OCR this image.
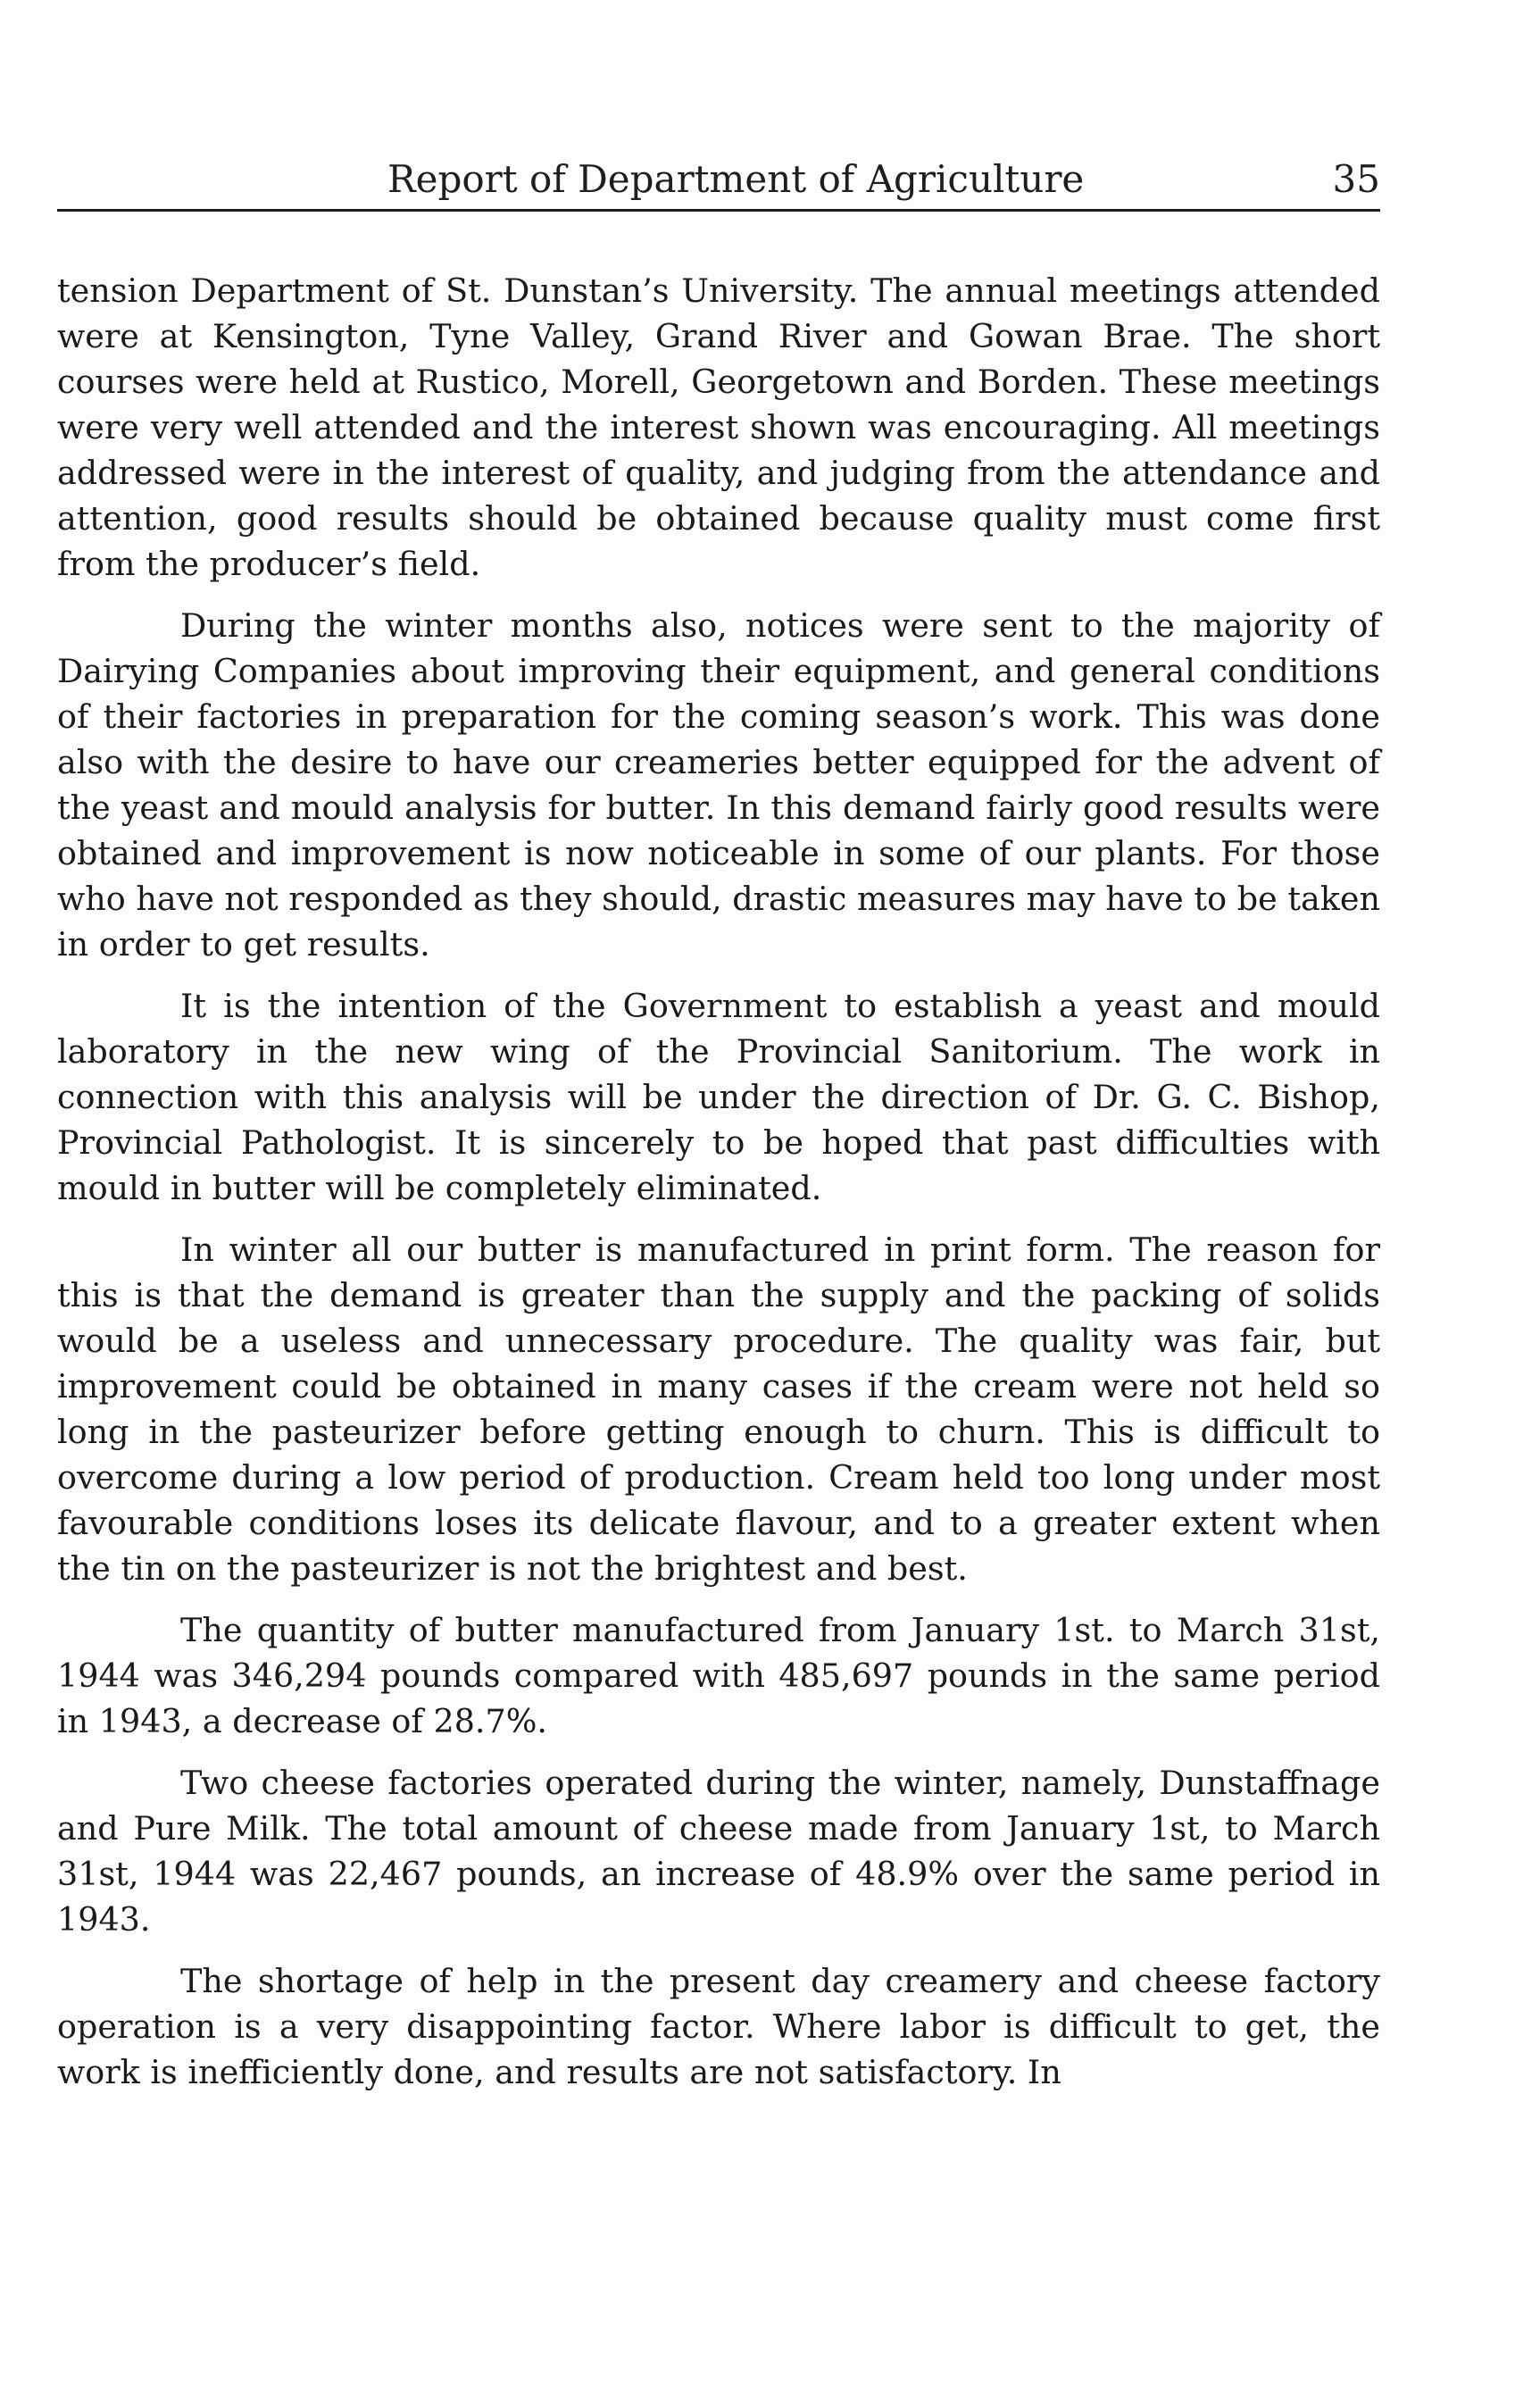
Report of Department of Agriculture	35

tension Department of St. Dunstan’s University. The annual meetings attended were at Kensington, Tyne Valley, Grand River and Gowan Brae. The short courses were held at Rustico, Morell, Georgetown and Borden. These meetings were very well attended and the interest shown was encouraging. All meetings addressed were in the interest of quality, and judging from the attendance and attention, good results should be obtained because quality must come first from the producer’s field.

During the winter months also, notices were sent to the majority of Dairying Companies about improving their equipment, and general conditions of their factories in preparation for the coming season’s work. This was done also with the desire to have our creameries better equipped for the advent of the yeast and mould analysis for butter. In this demand fairly good results were obtained and improvement is now noticeable in some of our plants. For those who have not responded as they should, drastic measures may have to be taken in order to get results.

It is the intention of the Government to establish a yeast and mould laboratory in the new wing of the Provincial Sanitorium. The work in connection with this analysis will be under the direction of Dr. G. C. Bishop, Provincial Pathologist. It is sincerely to be hoped that past difficulties with mould in butter will be completely eliminated.

In winter all our butter is manufactured in print form. The reason for this is that the demand is greater than the supply and the packing of solids would be a useless and unnecessary procedure. The quality was fair, but improvement could be obtained in many cases if the cream were not held so long in the pasteurizer before getting enough to churn. This is difficult to overcome during a low period of production. Cream held too long under most favourable conditions loses its delicate flavour, and to a greater extent when the tin on the pasteurizer is not the brightest and best.

The quantity of butter manufactured from January 1st. to March 31st, 1944 was 346,294 pounds compared with 485,697 pounds in the same period in 1943, a decrease of 28.7%.

Two cheese factories operated during the winter, namely, Dunstaffnage and Pure Milk. The total amount of cheese made from January 1st, to March 31st, 1944 was 22,467 pounds, an increase of 48.9% over the same period in 1943.

The shortage of help in the present day creamery and cheese factory operation is a very disappointing factor. Where labor is difficult to get, the work is inefficiently done, and results are not satisfactory. In
